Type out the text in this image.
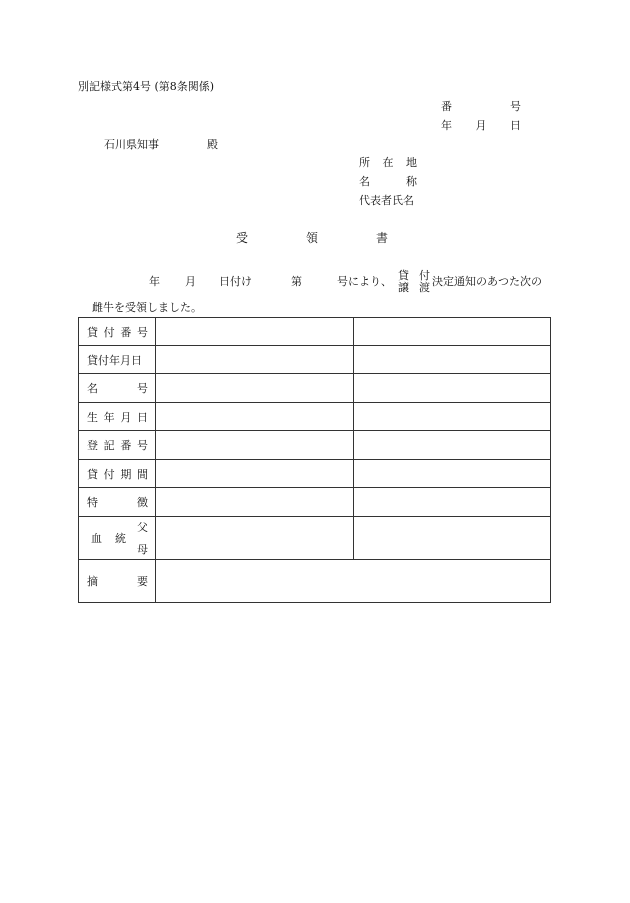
別記様式第4号 (第8条関係)
番	号
年 月 日
石川県知事	殿
所 在 地
名	称
代表者氏名
受	領	書
年 月 日付け	第	号により、 貸
譲
付
渡 決定通知のあつた次の
雌牛を受領しました。
貸 付 番 号		

貸付年月日		

名 号		

生 年 月 日		

登 記 番 号		

貸 付 期 間		

特 徴		

血 統
父
母		

摘 要		
